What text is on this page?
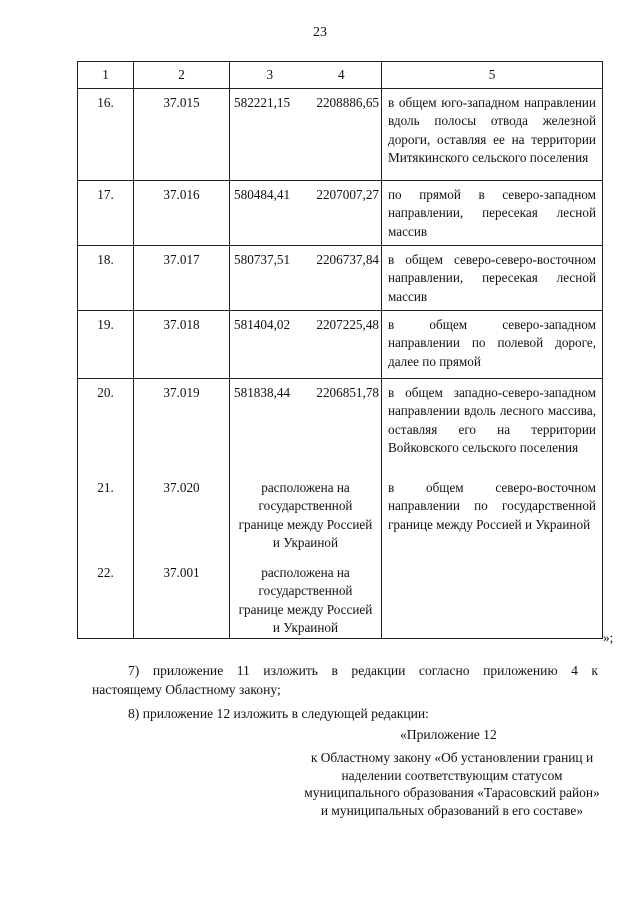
23
1	2	3 4	5
16.	37.015	582221,15 2208886,65	в общем юго-западном направлении вдоль полосы отвода железной дороги, оставляя ее на территории Митякинского сельского поселения
17.	37.016	580484,41 2207007,27	по прямой в северо-западном направлении, пересекая лесной массив
18.	37.017	580737,51 2206737,84	в общем северо-северо-восточном направлении, пересекая лесной массив
19.	37.018	581404,02 2207225,48	в общем северо-западном направлении по полевой дороге, далее по прямой
20.	37.019	581838,44 2206851,78	в общем западно-северо-западном направлении вдоль лесного массива, оставляя его на территории Войковского сельского поселения
21.	37.020	расположена на государственной границе между Россией и Украиной	в общем северо-восточном направлении по государственной границе между Россией и Украиной
22.	37.001	расположена на государственной границе между Россией и Украиной	
»;
7) приложение 11 изложить в редакции согласно приложению 4 к
настоящему Областному закону;
8) приложение 12 изложить в следующей редакции:
«Приложение 12
к Областному закону «Об установлении границ и наделении соответствующим статусом муниципального образования «Тарасовский район» и муниципальных образований в его составе»
